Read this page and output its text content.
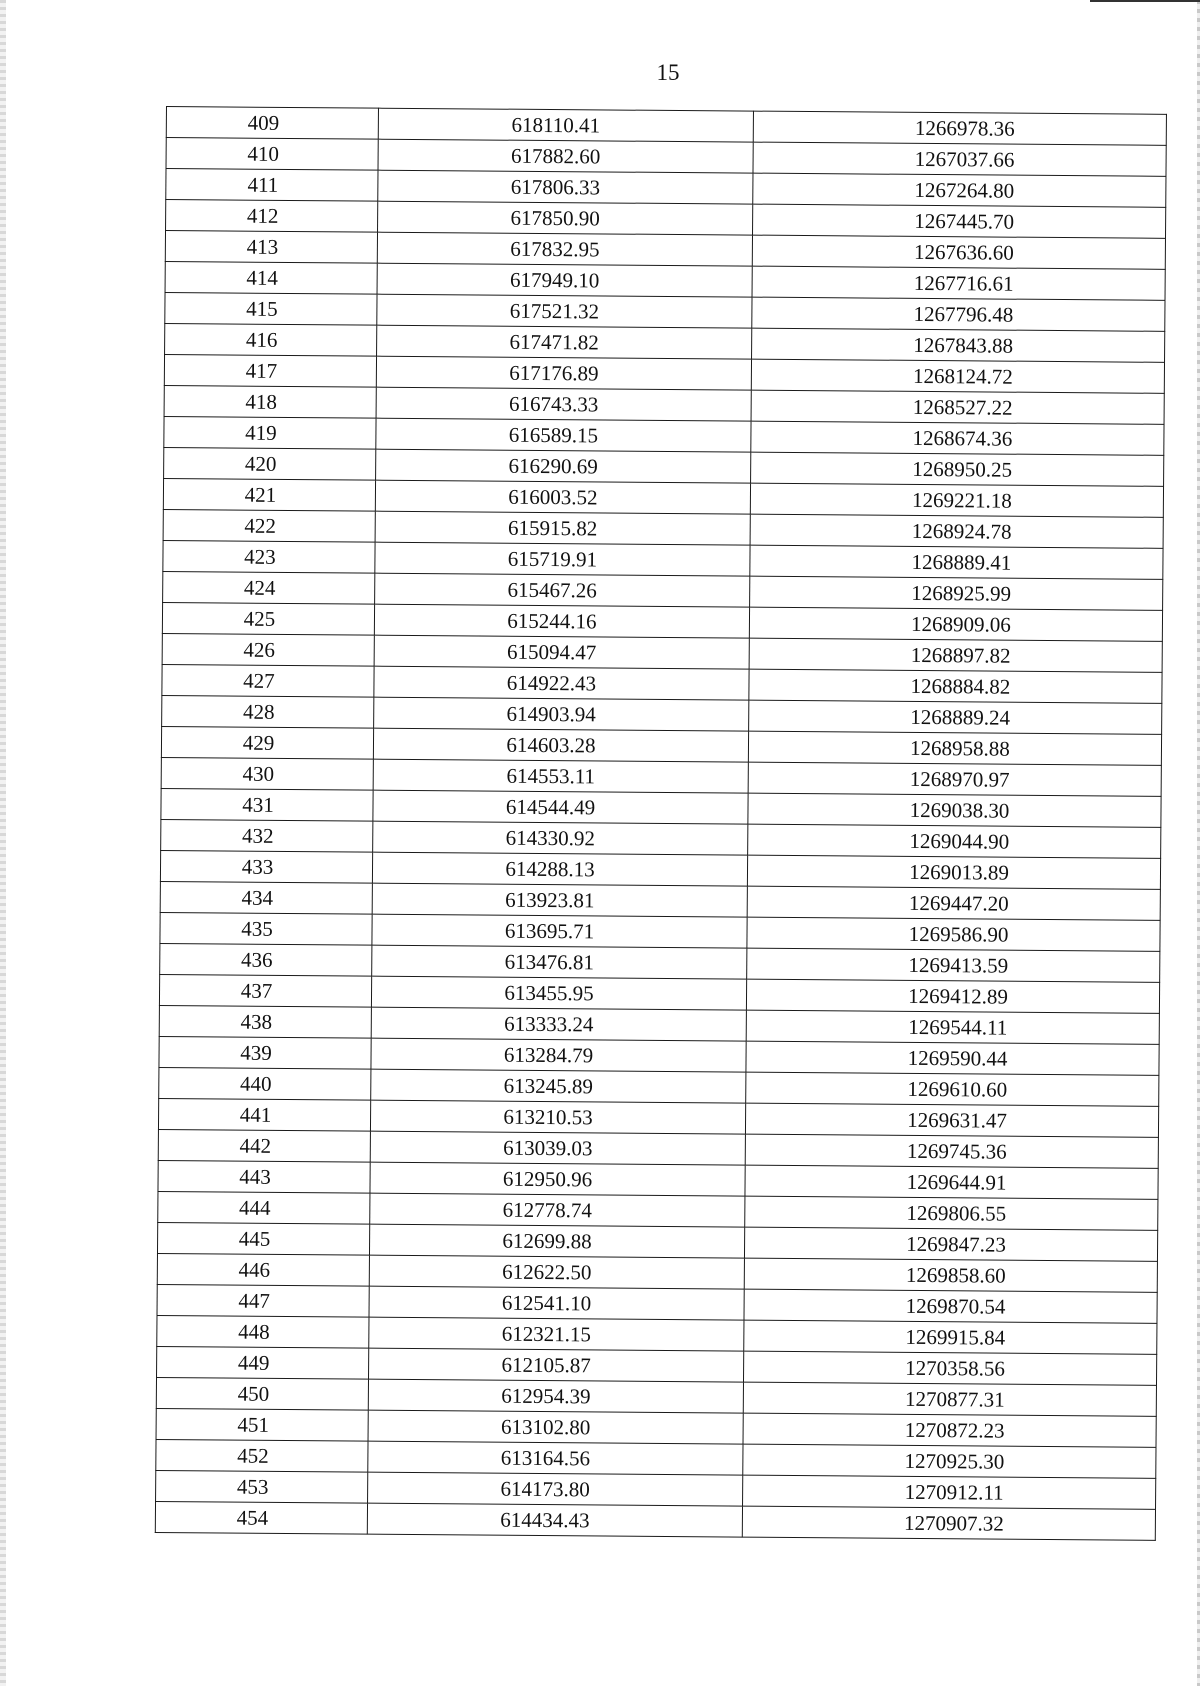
15
409	618110.41	1266978.36
410	617882.60	1267037.66
411	617806.33	1267264.80
412	617850.90	1267445.70
413	617832.95	1267636.60
414	617949.10	1267716.61
415	617521.32	1267796.48
416	617471.82	1267843.88
417	617176.89	1268124.72
418	616743.33	1268527.22
419	616589.15	1268674.36
420	616290.69	1268950.25
421	616003.52	1269221.18
422	615915.82	1268924.78
423	615719.91	1268889.41
424	615467.26	1268925.99
425	615244.16	1268909.06
426	615094.47	1268897.82
427	614922.43	1268884.82
428	614903.94	1268889.24
429	614603.28	1268958.88
430	614553.11	1268970.97
431	614544.49	1269038.30
432	614330.92	1269044.90
433	614288.13	1269013.89
434	613923.81	1269447.20
435	613695.71	1269586.90
436	613476.81	1269413.59
437	613455.95	1269412.89
438	613333.24	1269544.11
439	613284.79	1269590.44
440	613245.89	1269610.60
441	613210.53	1269631.47
442	613039.03	1269745.36
443	612950.96	1269644.91
444	612778.74	1269806.55
445	612699.88	1269847.23
446	612622.50	1269858.60
447	612541.10	1269870.54
448	612321.15	1269915.84
449	612105.87	1270358.56
450	612954.39	1270877.31
451	613102.80	1270872.23
452	613164.56	1270925.30
453	614173.80	1270912.11
454	614434.43	1270907.32
